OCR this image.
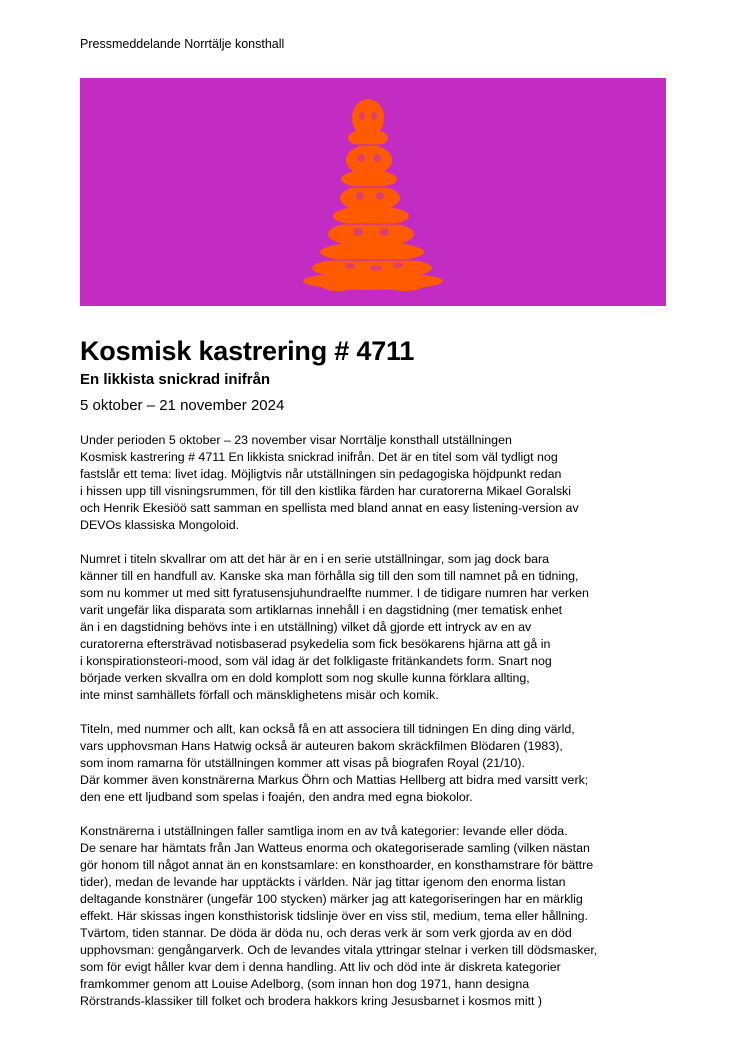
Pressmeddelande Norrtälje konsthall
Kosmisk kastrering # 4711
En likkista snickrad inifrån
5 oktober – 21 november 2024

Under perioden 5 oktober – 23 november visar Norrtälje konsthall utställningen
Kosmisk kastrering # 4711 En likkista snickrad inifrån. Det är en titel som väl tydligt nog
fastslår ett tema: livet idag. Möjligtvis når utställningen sin pedagogiska höjdpunkt redan
i hissen upp till visningsrummen, för till den kistlika färden har curatorerna Mikael Goralski
och Henrik Ekesiöö satt samman en spellista med bland annat en easy listening-version av
DEVOs klassiska Mongoloid.

Numret i titeln skvallrar om att det här är en i en serie utställningar, som jag dock bara
känner till en handfull av. Kanske ska man förhålla sig till den som till namnet på en tidning,
som nu kommer ut med sitt fyratusensjuhundraelfte nummer. I de tidigare numren har verken
varit ungefär lika disparata som artiklarnas innehåll i en dagstidning (mer tematisk enhet
än i en dagstidning behövs inte i en utställning) vilket då gjorde ett intryck av en av
curatorerna eftersträvad notisbaserad psykedelia som fick besökarens hjärna att gå in
i konspirationsteori-mood, som väl idag är det folkligaste fritänkandets form. Snart nog
började verken skvallra om en dold komplott som nog skulle kunna förklara allting,
inte minst samhällets förfall och mänsklighetens misär och komik.

Titeln, med nummer och allt, kan också få en att associera till tidningen En ding ding värld,
vars upphovsman Hans Hatwig också är auteuren bakom skräckfilmen Blödaren (1983),
som inom ramarna för utställningen kommer att visas på biografen Royal (21/10).
Där kommer även konstnärerna Markus Öhrn och Mattias Hellberg att bidra med varsitt verk;
den ene ett ljudband som spelas i foajén, den andra med egna biokolor.

Konstnärerna i utställningen faller samtliga inom en av två kategorier: levande eller döda.
De senare har hämtats från Jan Watteus enorma och okategoriserade samling (vilken nästan
gör honom till något annat än en konstsamlare: en konsthoarder, en konsthamstrare för bättre
tider), medan de levande har upptäckts i världen. När jag tittar igenom den enorma listan
deltagande konstnärer (ungefär 100 stycken) märker jag att kategoriseringen har en märklig
effekt. Här skissas ingen konsthistorisk tidslinje över en viss stil, medium, tema eller hållning.
Tvärtom, tiden stannar. De döda är döda nu, och deras verk är som verk gjorda av en död
upphovsman: gengångarverk. Och de levandes vitala yttringar stelnar i verken till dödsmasker,
som för evigt håller kvar dem i denna handling. Att liv och död inte är diskreta kategorier
framkommer genom att Louise Adelborg, (som innan hon dog 1971, hann designa
Rörstrands-klassiker till folket och brodera hakkors kring Jesusbarnet i kosmos mitt )
